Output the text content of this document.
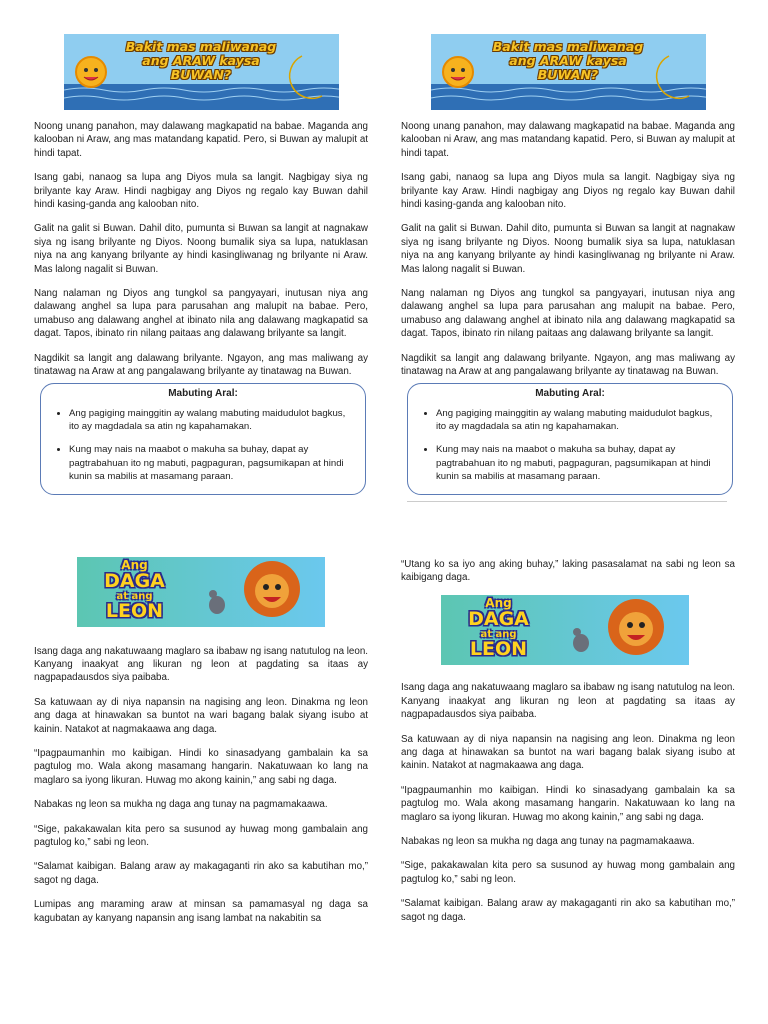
Bakit mas maliwanag
ang ARAW kaysa
BUWAN?

Noong unang panahon, may dalawang magkapatid na babae. Maganda ang kalooban ni Araw, ang mas matandang kapatid. Pero, si Buwan ay malupit at hindi tapat.

Isang gabi, nanaog sa lupa ang Diyos mula sa langit. Nagbigay siya ng brilyante kay Araw. Hindi nagbigay ang Diyos ng regalo kay Buwan dahil hindi kasing-ganda ang kalooban nito.

Galit na galit si Buwan. Dahil dito, pumunta si Buwan sa langit at nagnakaw siya ng isang brilyante ng Diyos. Noong bumalik siya sa lupa, natuklasan niya na ang kanyang brilyante ay hindi kasingliwanag ng brilyante ni Araw. Mas lalong nagalit si Buwan.

Nang nalaman ng Diyos ang tungkol sa pangyayari, inutusan niya ang dalawang anghel sa lupa para parusahan ang malupit na babae. Pero, umabuso ang dalawang anghel at ibinato nila ang dalawang magkapatid sa dagat. Tapos, ibinato rin nilang paitaas ang dalawang brilyante sa langit.

Nagdikit sa langit ang dalawang brilyante. Ngayon, ang mas maliwang ay tinatawag na Araw at ang pangalawang brilyante ay tinatawag na Buwan.

Mabuting Aral:
• Ang pagiging mainggitin ay walang mabuting maidudulot bagkus, ito ay magdadala sa atin ng kapahamakan.
• Kung may nais na maabot o makuha sa buhay, dapat ay pagtrabahuan ito ng mabuti, pagpaguran, pagsumikapan at hindi kunin sa mabilis at masamang paraan.
Ang
DAGA
at ang
LEON

Isang daga ang nakatuwaang maglaro sa ibabaw ng isang natutulog na leon. Kanyang inaakyat ang likuran ng leon at pagdating sa itaas ay nagpapadausdos siya paibaba.

Sa katuwaan ay di niya napansin na nagising ang leon. Dinakma ng leon ang daga at hinawakan sa buntot na wari bagang balak siyang isubo at kainin. Natakot at nagmakaawa ang daga.

“Ipagpaumanhin mo kaibigan. Hindi ko sinasadyang gambalain ka sa pagtulog mo. Wala akong masamang hangarin. Nakatuwaan ko lang na maglaro sa iyong likuran. Huwag mo akong kainin,” ang sabi ng daga.

Nabakas ng leon sa mukha ng daga ang tunay na pagmamakaawa.

“Sige, pakakawalan kita pero sa susunod ay huwag mong gambalain ang pagtulog ko,” sabi ng leon.

“Salamat kaibigan. Balang araw ay makagaganti rin ako sa kabutihan mo,” sagot ng daga.

Lumipas ang maraming araw at minsan sa pamamasyal ng daga sa kagubatan ay kanyang napansin ang isang lambat na nakabitin sa

Bakit mas maliwanag
ang ARAW kaysa
BUWAN?

Noong unang panahon, may dalawang magkapatid na babae. Maganda ang kalooban ni Araw, ang mas matandang kapatid. Pero, si Buwan ay malupit at hindi tapat.

Isang gabi, nanaog sa lupa ang Diyos mula sa langit. Nagbigay siya ng brilyante kay Araw. Hindi nagbigay ang Diyos ng regalo kay Buwan dahil hindi kasing-ganda ang kalooban nito.

Galit na galit si Buwan. Dahil dito, pumunta si Buwan sa langit at nagnakaw siya ng isang brilyante ng Diyos. Noong bumalik siya sa lupa, natuklasan niya na ang kanyang brilyante ay hindi kasingliwanag ng brilyante ni Araw. Mas lalong nagalit si Buwan.

Nang nalaman ng Diyos ang tungkol sa pangyayari, inutusan niya ang dalawang anghel sa lupa para parusahan ang malupit na babae. Pero, umabuso ang dalawang anghel at ibinato nila ang dalawang magkapatid sa dagat. Tapos, ibinato rin nilang paitaas ang dalawang brilyante sa langit.

Nagdikit sa langit ang dalawang brilyante. Ngayon, ang mas maliwang ay tinatawag na Araw at ang pangalawang brilyante ay tinatawag na Buwan.

Mabuting Aral:
• Ang pagiging mainggitin ay walang mabuting maidudulot bagkus, ito ay magdadala sa atin ng kapahamakan.
• Kung may nais na maabot o makuha sa buhay, dapat ay pagtrabahuan ito ng mabuti, pagpaguran, pagsumikapan at hindi kunin sa mabilis at masamang paraan.

“Utang ko sa iyo ang aking buhay,” laking pasasalamat na sabi ng leon sa kaibigang daga.

Ang
DAGA
at ang
LEON

Isang daga ang nakatuwaang maglaro sa ibabaw ng isang natutulog na leon. Kanyang inaakyat ang likuran ng leon at pagdating sa itaas ay nagpapadausdos siya paibaba.

Sa katuwaan ay di niya napansin na nagising ang leon. Dinakma ng leon ang daga at hinawakan sa buntot na wari bagang balak siyang isubo at kainin. Natakot at nagmakaawa ang daga.

“Ipagpaumanhin mo kaibigan. Hindi ko sinasadyang gambalain ka sa pagtulog mo. Wala akong masamang hangarin. Nakatuwaan ko lang na maglaro sa iyong likuran. Huwag mo akong kainin,” ang sabi ng daga.

Nabakas ng leon sa mukha ng daga ang tunay na pagmamakaawa.

“Sige, pakakawalan kita pero sa susunod ay huwag mong gambalain ang pagtulog ko,” sabi ng leon.

“Salamat kaibigan. Balang araw ay makagaganti rin ako sa kabutihan mo,” sagot ng daga.
